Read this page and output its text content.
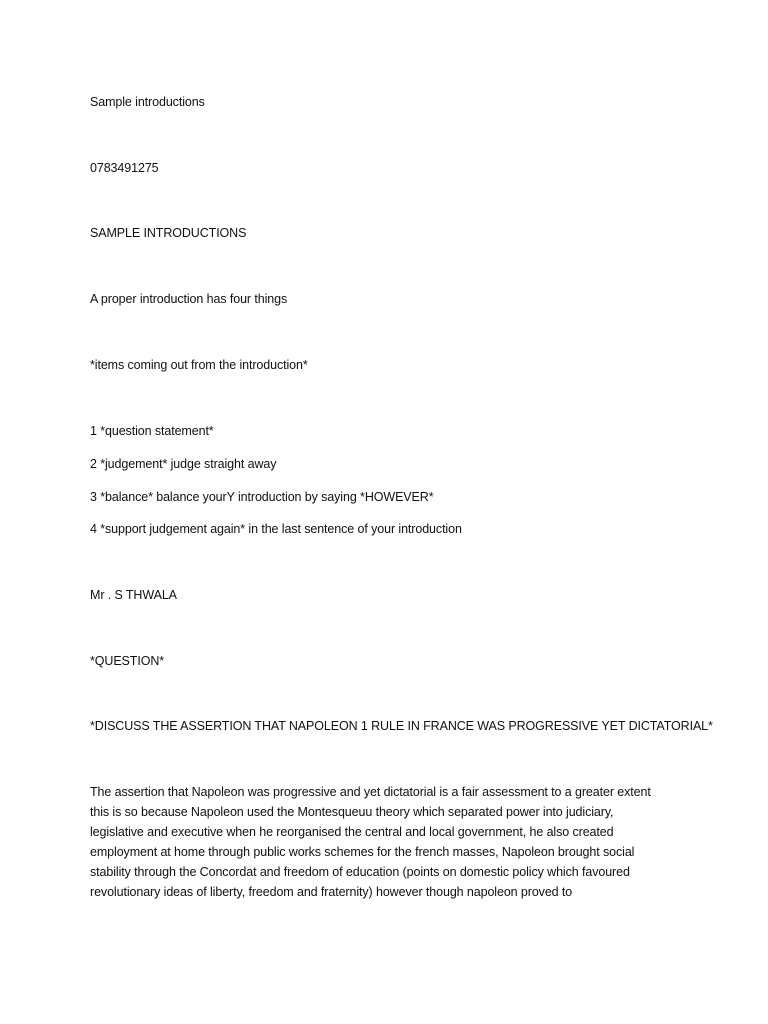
Sample introductions
0783491275
SAMPLE INTRODUCTIONS
A proper introduction has four things
*items coming out from the introduction*
1 *question statement*
2 *judgement* judge straight away
3 *balance* balance yourY introduction by saying *HOWEVER*
4 *support judgement again* in the last sentence of your introduction
Mr . S THWALA
*QUESTION*
*DISCUSS THE ASSERTION THAT NAPOLEON 1 RULE IN FRANCE WAS PROGRESSIVE YET DICTATORIAL*
The assertion that Napoleon was progressive and yet dictatorial is a fair assessment to a greater extent
this is so because Napoleon used the Montesqueuu theory which separated power into judiciary,
legislative and executive when he reorganised the central and local government, he also created
employment at home through public works schemes for the french masses, Napoleon brought social
stability through the Concordat and freedom of education (points on domestic policy which favoured
revolutionary ideas of liberty, freedom and fraternity) however though napoleon proved to
